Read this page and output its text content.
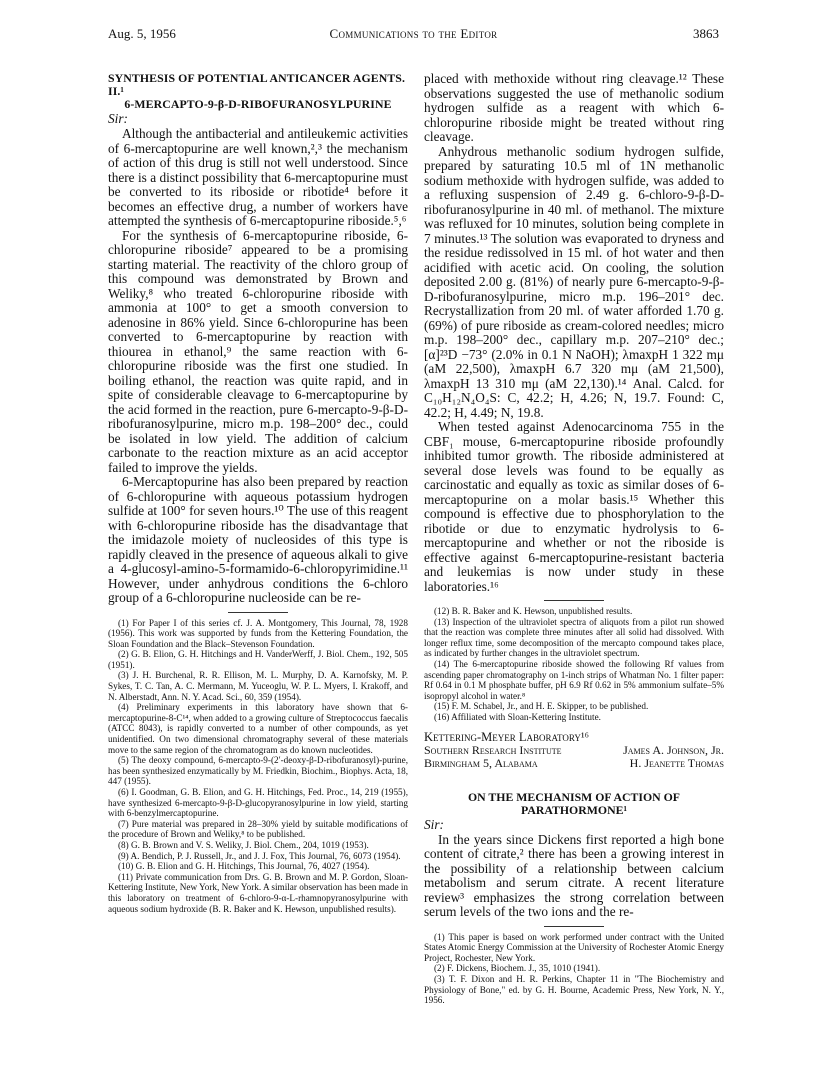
Aug. 5, 1956	Communications to the Editor	3863

SYNTHESIS OF POTENTIAL ANTICANCER AGENTS. II.¹
6-MERCAPTO-9-β-D-RIBOFURANOSYLPURINE

Sir:

Although the antibacterial and antileukemic activities of 6-mercaptopurine are well known,²,³ the mechanism of action of this drug is still not well understood. Since there is a distinct possibility that 6-mercaptopurine must be converted to its riboside or ribotide⁴ before it becomes an effective drug, a number of workers have attempted the synthesis of 6-mercaptopurine riboside.⁵,⁶

For the synthesis of 6-mercaptopurine riboside, 6-chloropurine riboside⁷ appeared to be a promising starting material. The reactivity of the chloro group of this compound was demonstrated by Brown and Weliky,⁸ who treated 6-chloropurine riboside with ammonia at 100° to get a smooth conversion to adenosine in 86% yield. Since 6-chloropurine has been converted to 6-mercaptopurine by reaction with thiourea in ethanol,⁹ the same reaction with 6-chloropurine riboside was the first one studied. In boiling ethanol, the reaction was quite rapid, and in spite of considerable cleavage to 6-mercaptopurine by the acid formed in the reaction, pure 6-mercapto-9-β-D-ribofuranosylpurine, micro m.p. 198–200° dec., could be isolated in low yield. The addition of calcium carbonate to the reaction mixture as an acid acceptor failed to improve the yields.

6-Mercaptopurine has also been prepared by reaction of 6-chloropurine with aqueous potassium hydrogen sulfide at 100° for seven hours.¹⁰ The use of this reagent with 6-chloropurine riboside has the disadvantage that the imidazole moiety of nucleosides of this type is rapidly cleaved in the presence of aqueous alkali to give a 4-glucosyl-amino-5-formamido-6-chloropyrimidine.¹¹ However, under anhydrous conditions the 6-chloro group of a 6-chloropurine nucleoside can be re-

(1) For Paper I of this series cf. J. A. Montgomery, This Journal, 78, 1928 (1956). This work was supported by funds from the Kettering Foundation, the Sloan Foundation and the Black–Stevenson Foundation.

(2) G. B. Elion, G. H. Hitchings and H. VanderWerff, J. Biol. Chem., 192, 505 (1951).

(3) J. H. Burchenal, R. R. Ellison, M. L. Murphy, D. A. Karnofsky, M. P. Sykes, T. C. Tan, A. C. Mermann, M. Yuceoglu, W. P. L. Myers, I. Krakoff, and N. Alberstadt, Ann. N. Y. Acad. Sci., 60, 359 (1954).

(4) Preliminary experiments in this laboratory have shown that 6-mercaptopurine-8-C¹⁴, when added to a growing culture of Streptococcus faecalis (ATCC 8043), is rapidly converted to a number of other compounds, as yet unidentified. On two dimensional chromatography several of these materials move to the same region of the chromatogram as do known nucleotides.

(5) The deoxy compound, 6-mercapto-9-(2′-deoxy-β-D-ribofuranosyl)-purine, has been synthesized enzymatically by M. Friedkin, Biochim., Biophys. Acta, 18, 447 (1955).

(6) I. Goodman, G. B. Elion, and G. H. Hitchings, Fed. Proc., 14, 219 (1955), have synthesized 6-mercapto-9-β-D-glucopyranosylpurine in low yield, starting with 6-benzylmercaptopurine.

(7) Pure material was prepared in 28–30% yield by suitable modifications of the procedure of Brown and Weliky,⁸ to be published.

(8) G. B. Brown and V. S. Weliky, J. Biol. Chem., 204, 1019 (1953).

(9) A. Bendich, P. J. Russell, Jr., and J. J. Fox, This Journal, 76, 6073 (1954).

(10) G. B. Elion and G. H. Hitchings, This Journal, 76, 4027 (1954).

(11) Private communication from Drs. G. B. Brown and M. P. Gordon, Sloan-Kettering Institute, New York, New York. A similar observation has been made in this laboratory on treatment of 6-chloro-9-α-L-rhamnopyranosylpurine with aqueous sodium hydroxide (B. R. Baker and K. Hewson, unpublished results).

placed with methoxide without ring cleavage.¹² These observations suggested the use of methanolic sodium hydrogen sulfide as a reagent with which 6-chloropurine riboside might be treated without ring cleavage.

Anhydrous methanolic sodium hydrogen sulfide, prepared by saturating 10.5 ml of 1N methanolic sodium methoxide with hydrogen sulfide, was added to a refluxing suspension of 2.49 g. 6-chloro-9-β-D-ribofuranosylpurine in 40 ml. of methanol. The mixture was refluxed for 10 minutes, solution being complete in 7 minutes.¹³ The solution was evaporated to dryness and the residue redissolved in 15 ml. of hot water and then acidified with acetic acid. On cooling, the solution deposited 2.00 g. (81%) of nearly pure 6-mercapto-9-β-D-ribofuranosylpurine, micro m.p. 196–201° dec. Recrystallization from 20 ml. of water afforded 1.70 g.(69%) of pure riboside as cream-colored needles; micro m.p. 198–200° dec., capillary m.p. 207–210° dec.; [α]²³D −73° (2.0% in 0.1 N NaOH); λmaxpH 1 322 mμ (aM 22,500), λmaxpH 6.7 320 mμ (aM 21,500), λmaxpH 13 310 mμ (aM 22,130).¹⁴ Anal. Calcd. for C₁₀H₁₂N₄O₄S: C, 42.2; H, 4.26; N, 19.7. Found: C, 42.2; H, 4.49; N, 19.8.

When tested against Adenocarcinoma 755 in the CBF₁ mouse, 6-mercaptopurine riboside profoundly inhibited tumor growth. The riboside administered at several dose levels was found to be equally as carcinostatic and equally as toxic as similar doses of 6-mercaptopurine on a molar basis.¹⁵ Whether this compound is effective due to phosphorylation to the ribotide or due to enzymatic hydrolysis to 6-mercaptopurine and whether or not the riboside is effective against 6-mercaptopurine-resistant bacteria and leukemias is now under study in these laboratories.¹⁶

(12) B. R. Baker and K. Hewson, unpublished results.

(13) Inspection of the ultraviolet spectra of aliquots from a pilot run showed that the reaction was complete three minutes after all solid had dissolved. With longer reflux time, some decomposition of the mercapto compound takes place, as indicated by further changes in the ultraviolet spectrum.

(14) The 6-mercaptopurine riboside showed the following Rf values from ascending paper chromatography on 1-inch strips of Whatman No. 1 filter paper: Rf 0.64 in 0.1 M phosphate buffer, pH 6.9 Rf 0.62 in 5% ammonium sulfate–5% isopropyl alcohol in water.⁸

(15) F. M. Schabel, Jr., and H. E. Skipper, to be published.

(16) Affiliated with Sloan-Kettering Institute.

Kettering-Meyer Laboratory¹⁶

Southern Research Institute	James A. Johnson, Jr.
Birmingham 5, Alabama	H. Jeanette Thomas

ON THE MECHANISM OF ACTION OF

PARATHORMONE¹

Sir:

In the years since Dickens first reported a high bone content of citrate,² there has been a growing interest in the possibility of a relationship between calcium metabolism and serum citrate. A recent literature review³ emphasizes the strong correlation between serum levels of the two ions and the re-

(1) This paper is based on work performed under contract with the United States Atomic Energy Commission at the University of Rochester Atomic Energy Project, Rochester, New York.

(2) F. Dickens, Biochem. J., 35, 1010 (1941).

(3) T. F. Dixon and H. R. Perkins, Chapter 11 in "The Biochemistry and Physiology of Bone," ed. by G. H. Bourne, Academic Press, New York, N. Y., 1956.
